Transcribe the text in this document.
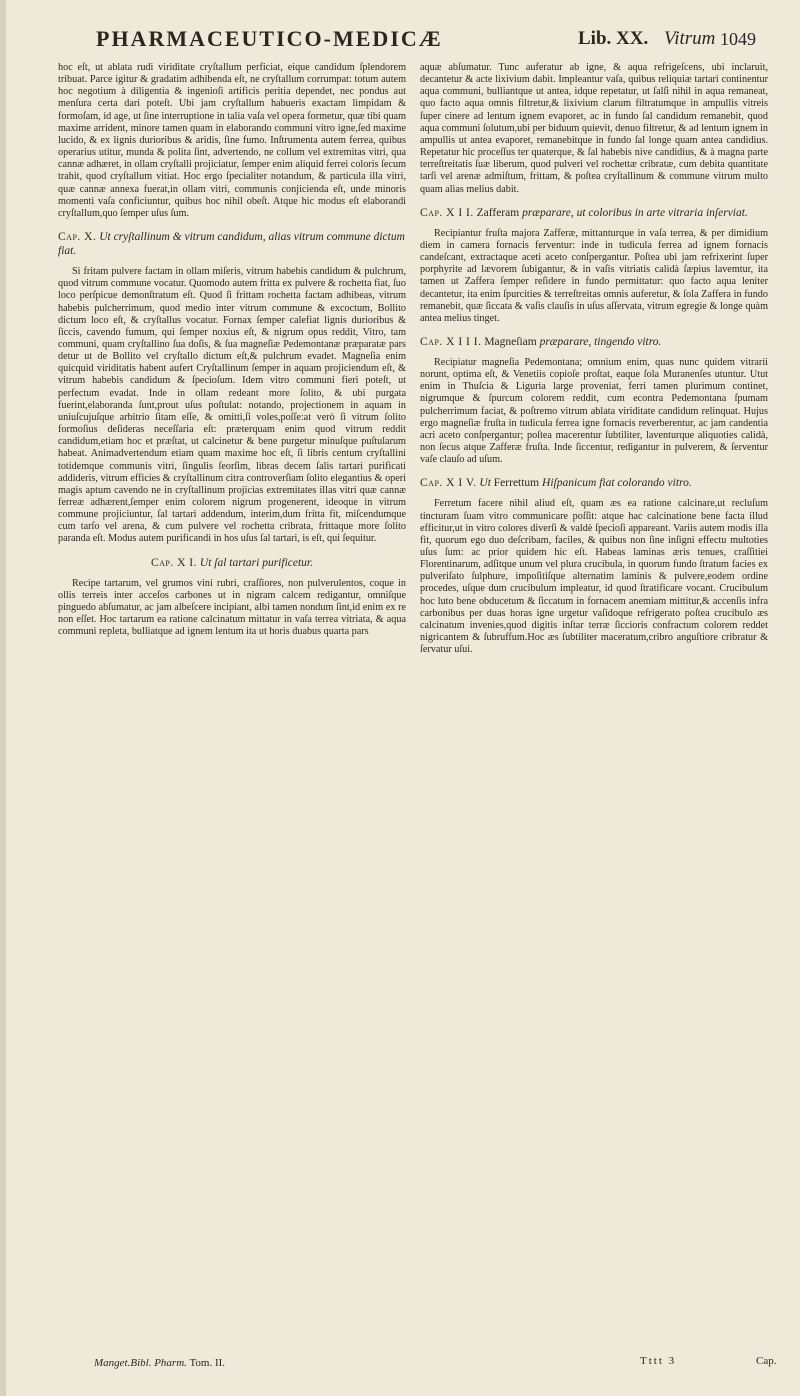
PHARMACEUTICO-MEDICÆ	Lib. XX. Vitrum 1049

hoc eſt, ut ablata rudi viriditate cryſtallum perficiat, eique candidum ſplendorem tribuat. Parce igitur & gradatim adhibenda eſt, ne cryſtallum corrumpat: totum autem hoc negotium à diligentia & ingenioſi artificis peritia dependet, nec pondus aut menſura certa dari poteſt. Ubi jam cryſtallum habueris exactam limpidam & formoſam, id age, ut ſine interruptione in talia vaſa vel opera formetur, quæ tibi quam maxime arrident, minore tamen quam in elaborando communi vitro igne,ſed maxime lucido, & ex lignis durioribus & aridis, ſine fumo. Inſtrumenta autem ferrea, quibus operarius utitur, munda & polita ſint, advertendo, ne collum vel extremitas vitri, qua cannæ adhæret, in ollam cryſtalli projiciatur, ſemper enim aliquid ferrei coloris ſecum trahit, quod cryſtallum vitiat. Hoc ergo ſpecialiter notandum, & particula illa vitri, quæ cannæ annexa fuerat,in ollam vitri, communis conjicienda eſt, unde minoris momenti vaſa conficiuntur, quibus hoc nihil obeſt. Atque hic modus eſt elaborandi cryſtallum,quo ſemper uſus ſum.

Cap. X. Ut cryſtallinum & vitrum candidum, alias vitrum commune dictum fiat.

Si fritam pulvere factam in ollam miſeris, vitrum habebis candidum & pulchrum, quod vitrum commune vocatur. Quomodo autem fritta ex pulvere & rochetta fiat, ſuo loco perſpicue demonſtratum eſt. Quod ſi frittam rochetta factam adhibeas, vitrum habebis pulcherrimum, quod medio inter vitrum commune & excoctum, Bollito dictum loco eſt, & cryſtallus vocatur. Fornax ſemper calefiat lignis durioribus & ſiccis, cavendo fumum, qui ſemper noxius eſt, & nigrum opus reddit, Vitro, tam communi, quam cryſtallino ſua doſis, & ſua magneſiæ Pedemontanæ præparatæ pars detur ut de Bollito vel cryſtallo dictum eſt,& pulchrum evadet. Magneſia enim quicquid viriditatis habent aufert Cryſtallinum ſemper in aquam projiciendum eſt, & vitrum habebis candidum & ſpecioſum. Idem vitro communi fieri poteſt, ut perfectum evadat. Inde in ollam redeant more ſolito, & ubi purgata fuerint,elaboranda ſunt,prout uſus poſtulat: notando, projectionem in aquam in uniuſcujuſque arbitrio ſitam eſſe, & omitti,ſi voles,poſſe:at verò ſi vitrum ſolito formoſius deſideras neceſſaria eſt: præterquam enim quod vitrum reddit candidum,etiam hoc et præſtat, ut calcinetur & bene purgetur minuſque puſtularum habeat. Animadvertendum etiam quam maxime hoc eſt, ſi libris centum cryſtallini totidemque communis vitri, ſingulis ſeorſim, libras decem ſalis tartari purificati addideris, vitrum efficies & cryſtallinum citra controverſiam ſolito elegantius & operi magis aptum cavendo ne in cryſtallinum projicias extremitates illas vitri quæ cannæ ferreæ adhærent,ſemper enim colorem nigrum progenerent, ideoque in vitrum commune projiciuntur, ſal tartari addendum, interim,dum fritta fit, miſcendumque cum tarſo vel arena, & cum pulvere vel rochetta cribrata, frittaque more ſolito paranda eſt. Modus autem purificandi in hos uſus ſal tartari, is eſt, qui ſequitur.

Cap. X I. Ut ſal tartari purificetur.

Recipe tartarum, vel grumos vini rubri, craſſiores, non pulverulentos, coque in ollis terreis inter acceſos carbones ut in nigram calcem redigantur, omniſque pinguedo abſumatur, ac jam albeſcere incipiant, albi tamen nondum ſint,id enim ex re non eſſet. Hoc tartarum ea ratione calcinatum mittatur in vaſa terrea vitriata, & aqua communi repleta, bulliatque ad ignem lentum ita ut horis duabus quarta pars

aquæ abſumatur. Tunc auferatur ab igne, & aqua refrigeſcens, ubi inclaruit, decantetur & acte lixivium dabit. Impleantur vaſa, quibus reliquiæ tartari continentur aqua communi, bulliantque ut antea, idque repetatur, ut ſalſi nihil in aqua remaneat, quo facto aqua omnis filtretur,& lixivium clarum filtratumque in ampullis vitreis ſuper cinere ad lentum ignem evaporet, ac in fundo ſal candidum remanebit, quod aqua communi ſolutum,ubi per biduum quievit, denuo filtretur, & ad lentum ignem in ampullis ut antea evaporet, remanebitque in fundo ſal longe quam antea candidius. Repetatur hic proceſſus ter quaterque, & ſal habebis nive candidius, & à magna parte terreſtreitatis ſuæ liberum, quod pulveri vel rochettæ cribratæ, cum debita quantitate tarſi vel arenæ admiſtum, frittam, & poſtea cryſtallinum & commune vitrum multo quam alias melius dabit.

Cap. X I I. Zafferam præparare, ut coloribus in arte vitraria inſerviat.

Recipiantur fruſta majora Zafferæ, mittanturque in vaſa terrea, & per dimidium diem in camera fornacis ferventur: inde in tudicula ferrea ad ignem fornacis candeſcant, extractaque aceti aceto conſpergantur. Poſtea ubi jam refrixerint ſuper porphyrite ad lævorem ſubigantur, & in vaſis vitriatis calidà ſæpius lavemtur, ita tamen ut Zaffera ſemper reſidere in fundo permittatur: quo facto aqua leniter decantetur, ita enim ſpurcities & terreſtreitas omnis auferetur, & ſola Zaffera in fundo remanebit, quæ ſiccata & vaſis clauſis in uſus aſſervata, vitrum egregie & longe quàm antea melius tinget.

Cap. X I I I. Magneſiam præparare, tingendo vitro.

Recipiatur magneſia Pedemontana; omnium enim, quas nunc quidem vitrarii norunt, optima eſt, & Venetiis copioſe proſtat, eaque ſola Muranenſes utuntur. Utut enim in Thuſcia & Liguria large proveniat, ferri tamen plurimum continet, nigrumque & ſpurcum colorem reddit, cum econtra Pedemontana ſpumam pulcherrimum faciat, & poſtremo vitrum ablata viriditate candidum relinquat. Hujus ergo magneſiæ fruſta in tudicula ferrea igne fornacis reverberentur, ac jam candentia acri aceto conſpergantur; poſtea macerentur ſubtiliter, laventurque aliquoties calidà, non ſecus atque Zafferæ fruſta. Inde ſiccentur, redigantur in pulverem, & ſerventur vaſe clauſo ad uſum.

Cap. X I V. Ut Ferrettum Hiſpanicum fiat colorando vitro.

Ferretum facere nihil aliud eſt, quam æs ea ratione calcinare,ut recluſum tincturam ſuam vitro communicare poſſit: atque hac calcinatione bene facta illud efficitur,ut in vitro colores diverſi & valdè ſpecioſi appareant. Variis autem modis illa fit, quorum ego duo deſcribam, faciles, & quibus non ſine inſigni effectu multoties uſus ſum: ac prior quidem hic eſt. Habeas laminas æris tenues, craſſitiei Florentinarum, adſitque unum vel plura crucibula, in quorum fundo ſtratum facies ex pulveriſato ſulphure, impoſitiſque alternatim laminis & pulvere,eodem ordine procedes, uſque dum crucibulum impleatur, id quod ſtratificare vocant. Crucibulum hoc luto bene obducetum & ſiccatum in fornacem anemiam mittitur,& accenſis infra carbonibus per duas horas igne urgetur vaſidoque refrigerato poſtea crucibulo æs calcinatum invenies,quod digitis inſtar terræ ſiccioris confractum colorem reddet nigricantem & ſubruffum.Hoc æs ſubtiliter maceratum,cribro anguſtiore cribratur & ſervatur uſui.

Manget.Bibl. Pharm. Tom. II.	Tttt 3	Cap.
